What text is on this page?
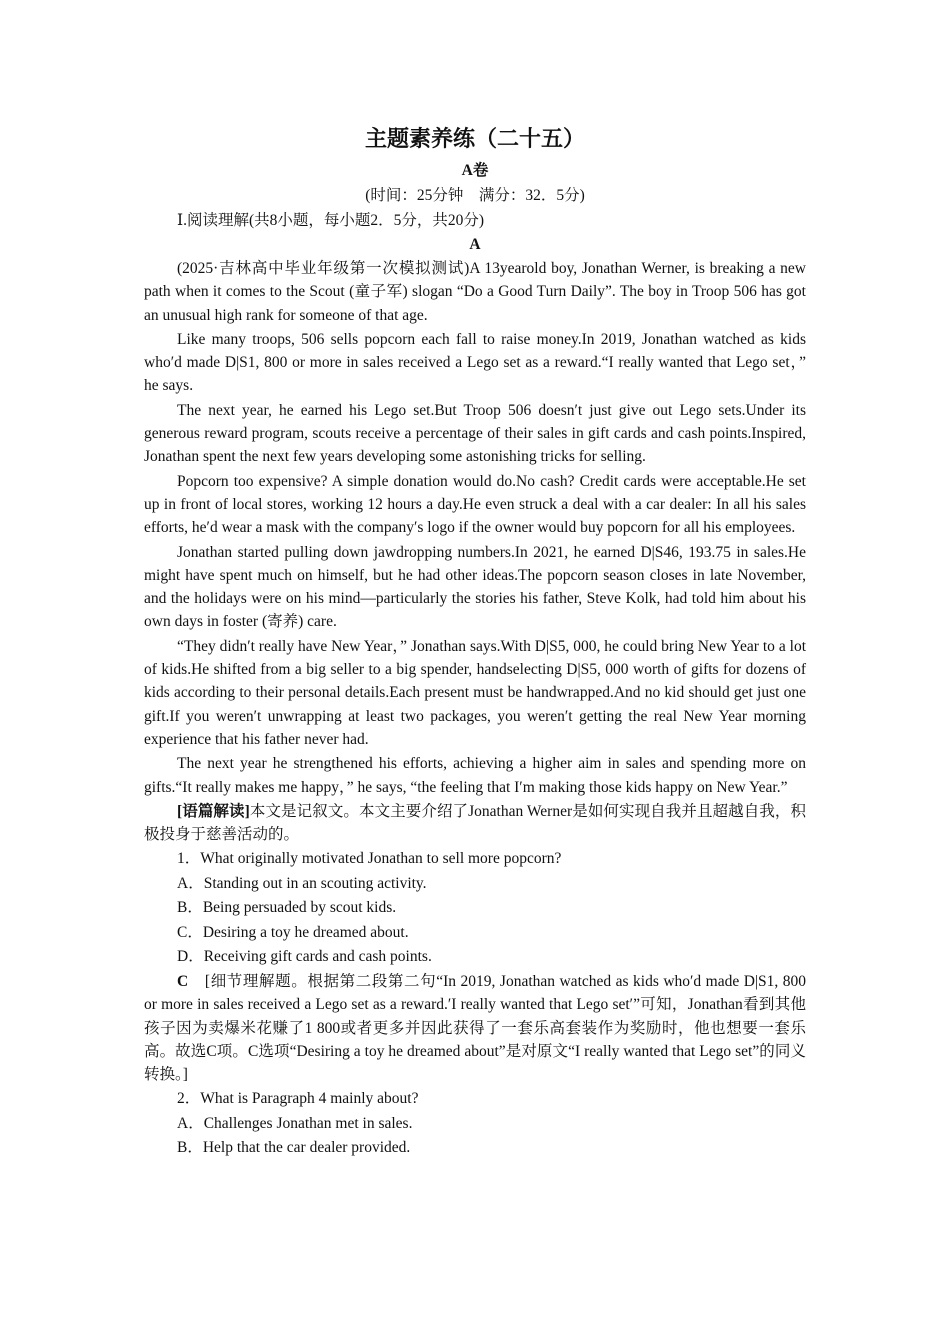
主题素养练（二十五）
A卷
(时间：25分钟　满分：32．5分)
Ⅰ.阅读理解(共8小题，每小题2．5分，共20分)
A

(2025·吉林高中毕业年级第一次模拟测试)A 13yearold boy, Jonathan Werner, is breaking a new path when it comes to the Scout (童子军) slogan “Do a Good Turn Daily”. The boy in Troop 506 has got an unusual high rank for someone of that age.

Like many troops, 506 sells popcorn each fall to raise money.In 2019, Jonathan watched as kids who′d made D|S1, 800 or more in sales received a Lego set as a reward.“I really wanted that Lego set，” he says.

The next year, he earned his Lego set.But Troop 506 doesn′t just give out Lego sets.Under its generous reward program, scouts receive a percentage of their sales in gift cards and cash points.Inspired, Jonathan spent the next few years developing some astonishing tricks for selling.

Popcorn too expensive? A simple donation would do.No cash? Credit cards were acceptable.He set up in front of local stores, working 12 hours a day.He even struck a deal with a car dealer: In all his sales efforts, he′d wear a mask with the company′s logo if the owner would buy popcorn for all his employees.

Jonathan started pulling down jawdropping numbers.In 2021, he earned D|S46, 193.75 in sales.He might have spent much on himself, but he had other ideas.The popcorn season closes in late November, and the holidays were on his mind—particularly the stories his father, Steve Kolk, had told him about his own days in foster (寄养) care.

“They didn′t really have New Year，” Jonathan says.With D|S5, 000, he could bring New Year to a lot of kids.He shifted from a big seller to a big spender, handselecting D|S5, 000 worth of gifts for dozens of kids according to their personal details.Each present must be handwrapped.And no kid should get just one gift.If you weren′t unwrapping at least two packages, you weren′t getting the real New Year morning experience that his father never had.

The next year he strengthened his efforts, achieving a higher aim in sales and spending more on gifts.“It really makes me happy，” he says, “the feeling that I′m making those kids happy on New Year.”

[语篇解读]本文是记叙文。本文主要介绍了Jonathan Werner是如何实现自我并且超越自我，积极投身于慈善活动的。

1．What originally motivated Jonathan to sell more popcorn?

A．Standing out in an scouting activity.

B．Being persuaded by scout kids.

C．Desiring a toy he dreamed about.

D．Receiving gift cards and cash points.

C　[细节理解题。根据第二段第二句“In 2019, Jonathan watched as kids who′d made D|S1, 800 or more in sales received a Lego set as a reward.′I really wanted that Lego set′”可知，Jonathan看到其他孩子因为卖爆米花赚了1 800或者更多并因此获得了一套乐高套装作为奖励时，他也想要一套乐高。故选C项。C选项“Desiring a toy he dreamed about”是对原文“I really wanted that Lego set”的同义转换。]

2．What is Paragraph 4 mainly about?

A．Challenges Jonathan met in sales.

B．Help that the car dealer provided.
